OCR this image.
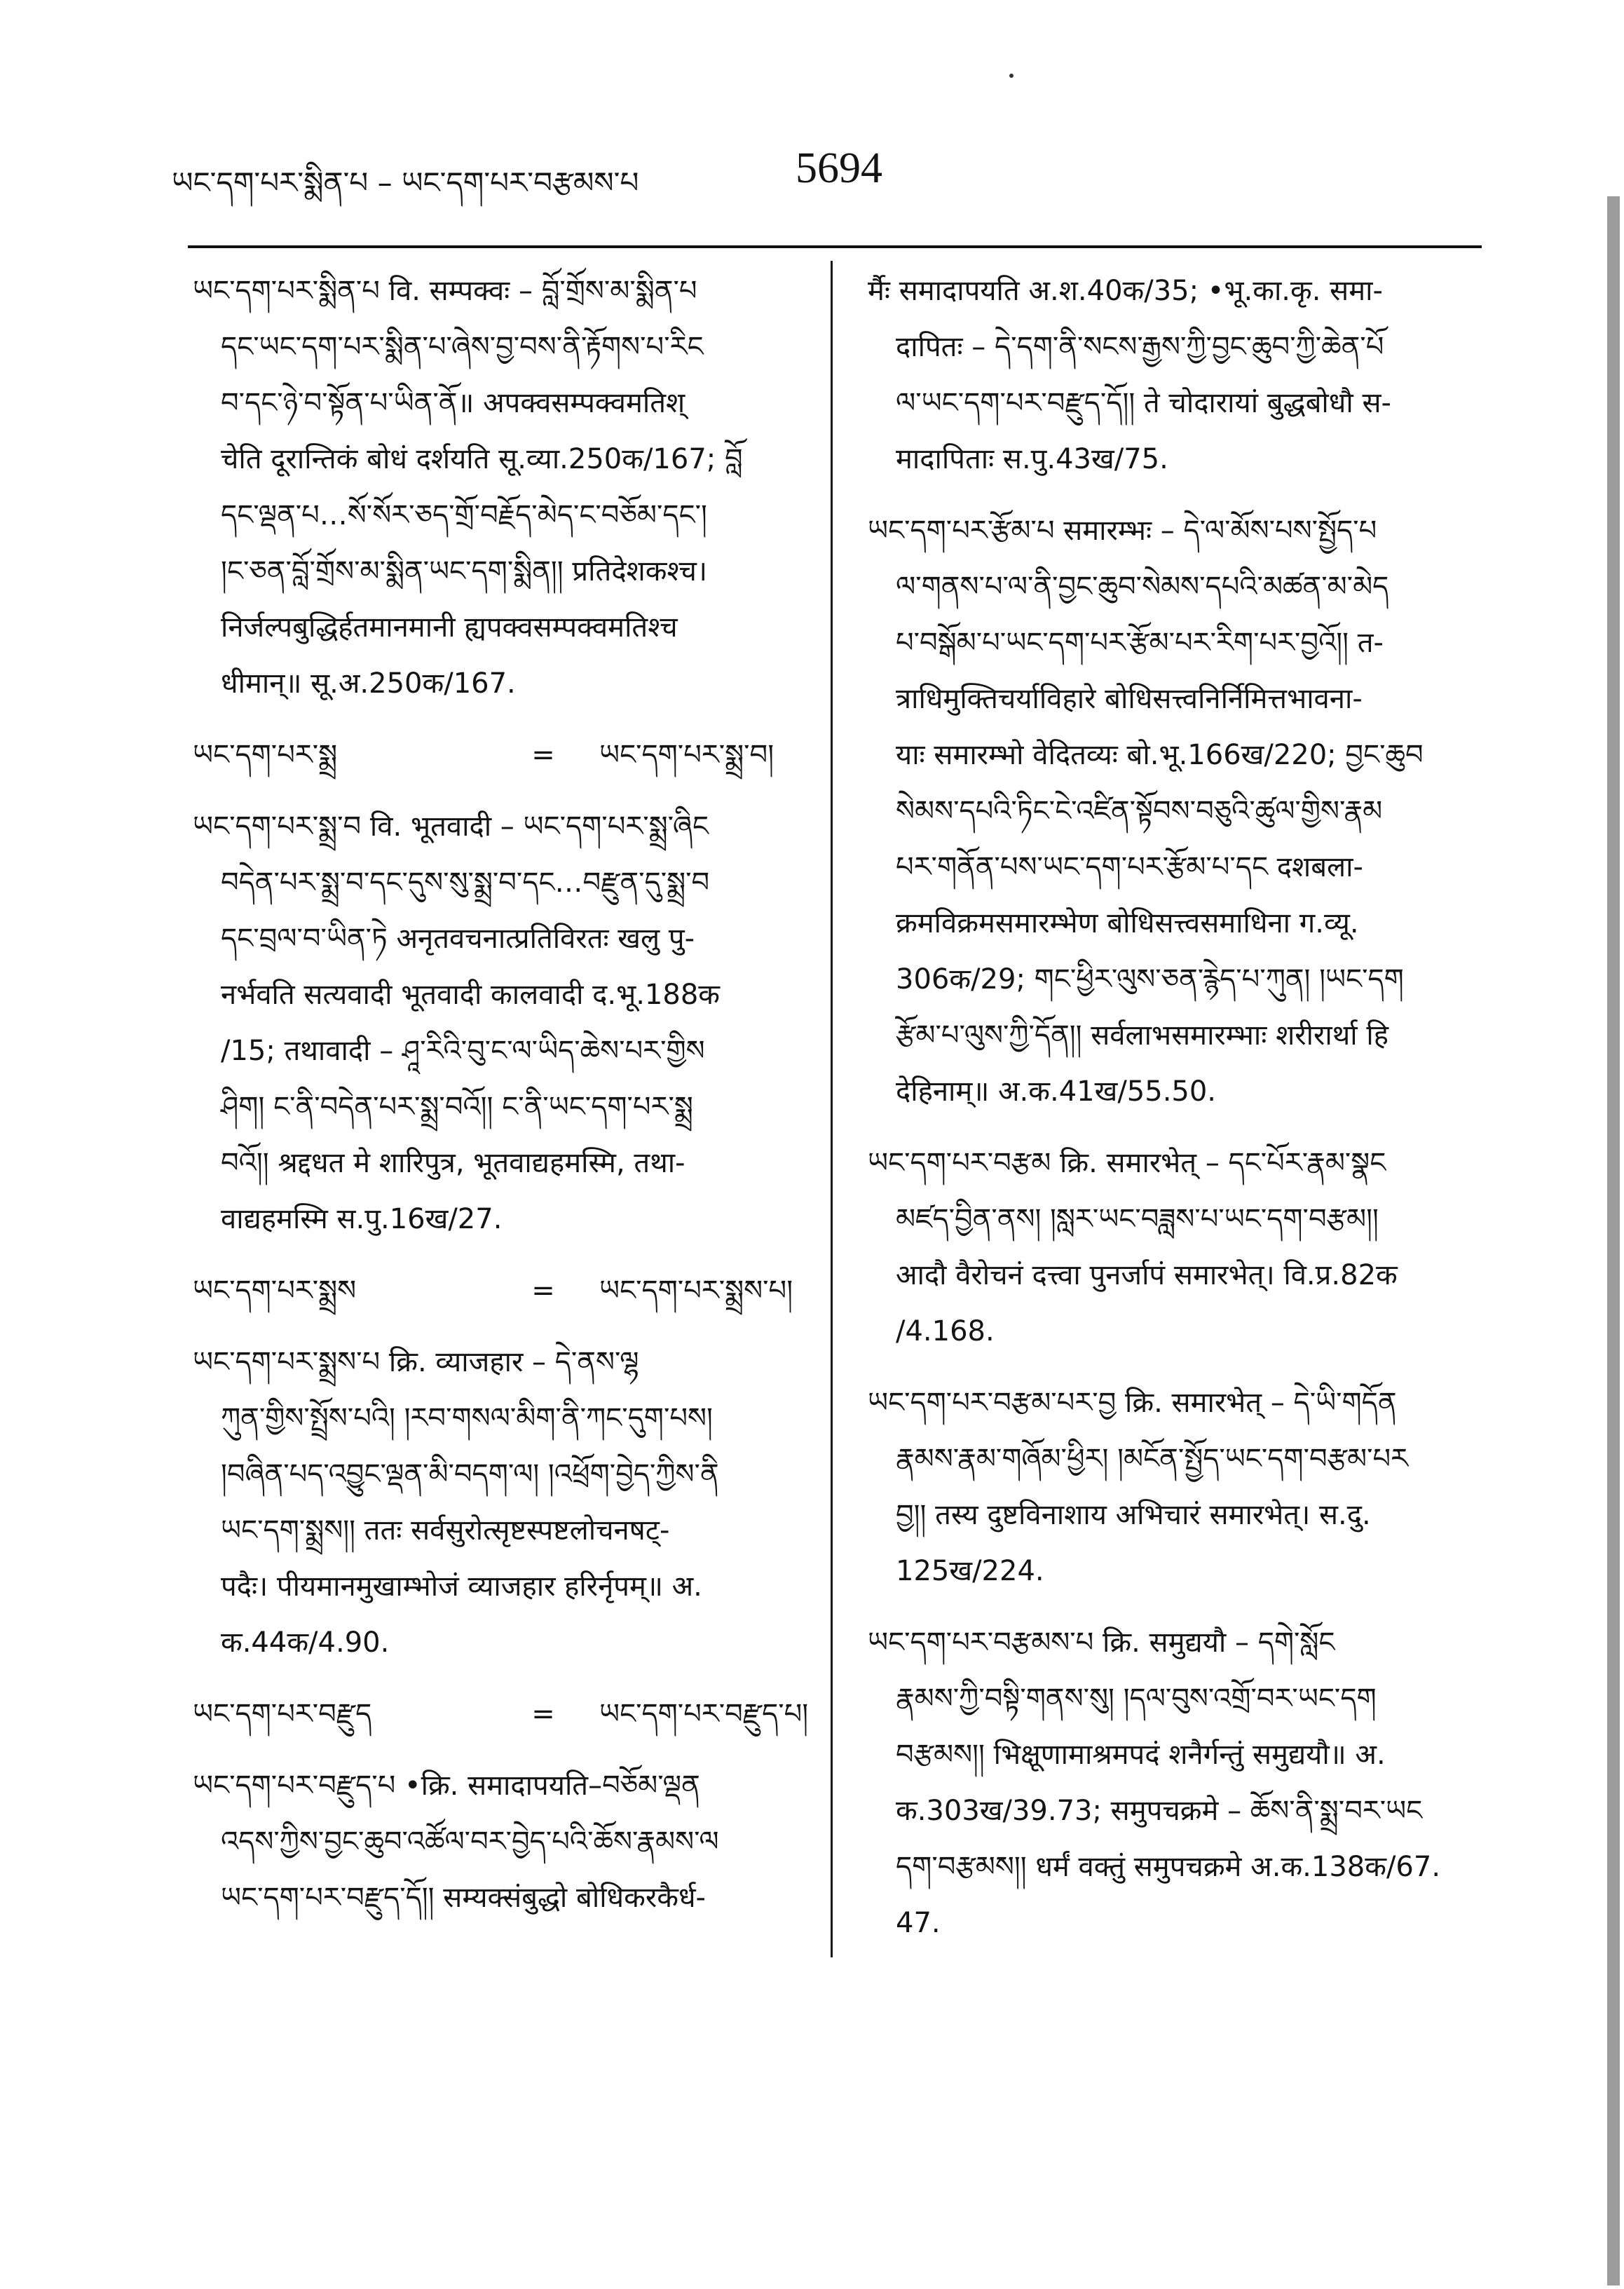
ཡང་དག་པར་སྨིན་པ – ཡང་དག་པར་བརྩམས་པ	5694

ཡང་དག་པར་སྨིན་པ वि. सम्पक्वः – བློ་གྲོས་མ་སྨིན་པ

དང་ཡང་དག་པར་སྨིན་པ་ཞེས་བྱ་བས་ནི་རྟོགས་པ་རིང

བ་དང་ཉེ་བ་སྟོན་པ་ཡིན་ནོ॥ अपक्वसम्पक्वमतिश्

चेति दूरान्तिकं बोधं दर्शयति सू.व्या.250क/167; བློ

དང་ལྡན་པ…སོ་སོར་ཅད་གྲོ་བརྗོད་མེད་ང་བཅོམ་དང་།

།ང་ཅན་བློ་གྲོས་མ་སྨིན་ཡང་དག་སྨིན།། प्रतिदेशकश्च।

निर्जल्पबुद्धिर्हतमानमानी ह्यपक्वसम्पक्वमतिश्च

धीमान्॥ सू.अ.250क/167.

ཡང་དག་པར་སྨྲ	=	ཡང་དག་པར་སྨྲ་བ།

ཡང་དག་པར་སྨྲ་བ वि. भूतवादी – ཡང་དག་པར་སྨྲ་ཞིང

བདེན་པར་སྨྲ་བ་དང་དུས་སུ་སྨྲ་བ་དང…བརྫུན་དུ་སྨྲ་བ

དང་བྲལ་བ་ཡིན་ཏེ अनृतवचनात्प्रतिविरतः खलु पु-

नर्भवति सत्यवादी भूतवादी कालवादी द.भू.188क

/15; तथावादी – ཤཱ་རིའི་བུ་ང་ལ་ཡིད་ཆེས་པར་གྱིས

ཤིག། ང་ནི་བདེན་པར་སྨྲ་བའོ།། ང་ནི་ཡང་དག་པར་སྨྲ

བའོ།། श्रद्दधत मे शारिपुत्र, भूतवाद्यहमस्मि, तथा-

वाद्यहमस्मि स.पु.16ख/27.

ཡང་དག་པར་སྨྲས	=	ཡང་དག་པར་སྨྲས་པ།

ཡང་དག་པར་སྨྲས་པ क्रि. व्याजहार – དེ་ནས་ལྷ

ཀུན་གྱིས་སྤྲོས་པའི། །རབ་གསལ་མིག་ནི་ཀང་དུག་པས།

།བཞིན་པད་འབྱུང་ལྡན་མི་བདག་ལ། །འཕྲོག་བྱེད་ཀྱིས་ནི

ཡང་དག་སྨྲས།། ततः सर्वसुरोत्सृष्टस्पष्टलोचनषट्-

पदैः। पीयमानमुखाम्भोजं व्याजहार हरिर्नृपम्॥ अ.

क.44क/4.90.

ཡང་དག་པར་བརྫུད	=	ཡང་དག་པར་བརྫུད་པ།

ཡང་དག་པར་བརྫུད་པ •क्रि. समादापयति–བཅོམ་ལྡན

འདས་ཀྱིས་བྱང་ཆུབ་འཚོལ་བར་བྱེད་པའི་ཆོས་རྣམས་ལ

ཡང་དག་པར་བརྫུད་དོ།། सम्यक्संबुद्धो बोधिकरकैर्ध-

र्मैः समादापयति अ.श.40क/35; •भू.का.कृ. समा-

दापितः – དེ་དག་ནི་སངས་རྒྱས་ཀྱི་བྱང་ཆུབ་ཀྱི་ཆེན་པོ

ལ་ཡང་དག་པར་བརྫུད་དོ།། ते चोदारायां बुद्धबोधौ स-

मादापिताः स.पु.43ख/75.

ཡང་དག་པར་རྩོམ་པ समारम्भः – དེ་ལ་མོས་པས་སྤྱོད་པ

ལ་གནས་པ་ལ་ནི་བྱང་ཆུབ་སེམས་དཔའི་མཚན་མ་མེད

པ་བསྒོམ་པ་ཡང་དག་པར་རྩོམ་པར་རིག་པར་བྱའོ།། त-

त्राधिमुक्तिचर्याविहारे बोधिसत्त्वनिर्निमित्तभावना-

याः समारम्भो वेदितव्यः बो.भू.166ख/220; བྱང་ཆུབ

སེམས་དཔའི་ཏིང་ངེ་འཛིན་སྟོབས་བཅུའི་ཚུལ་གྱིས་རྣམ

པར་གནོན་པས་ཡང་དག་པར་རྩོམ་པ་དང दशबला-

क्रमविक्रमसमारम्भेण बोधिसत्त्वसमाधिना ग.व्यू.

306क/29; གང་ཕྱིར་ལུས་ཅན་རྙེད་པ་ཀུན། །ཡང་དག

རྩོམ་པ་ལུས་ཀྱི་དོན།། सर्वलाभसमारम्भाः शरीरार्था हि

देहिनाम्॥ अ.क.41ख/55.50.

ཡང་དག་པར་བརྩམ क्रि. समारभेत् – དང་པོར་རྣམ་སྣང

མཛད་བྱིན་ནས། །སླར་ཡང་བཟླས་པ་ཡང་དག་བརྩམ།།

आदौ वैरोचनं दत्त्वा पुनर्जापं समारभेत्। वि.प्र.82क

/4.168.

ཡང་དག་པར་བརྩམ་པར་བྱ क्रि. समारभेत् – དེ་ཡི་གདོན

རྣམས་རྣམ་གཞོམ་ཕྱིར། །མངོན་སྤྱོད་ཡང་དག་བརྩམ་པར

བྱ།། तस्य दुष्टविनाशाय अभिचारं समारभेत्। स.दु.

125ख/224.

ཡང་དག་པར་བརྩམས་པ क्रि. समुद्ययौ – དགེ་སློང

རྣམས་ཀྱི་བསྟི་གནས་སུ། །དལ་བུས་འགྲོ་བར་ཡང་དག

བརྩམས།། भिक्षूणामाश्रमपदं शनैर्गन्तुं समुद्ययौ॥ अ.

क.303ख/39.73; समुपचक्रमे – ཆོས་ནི་སྨྲ་བར་ཡང

དག་བརྩམས།། धर्मं वक्तुं समुपचक्रमे अ.क.138क/67.

47.
